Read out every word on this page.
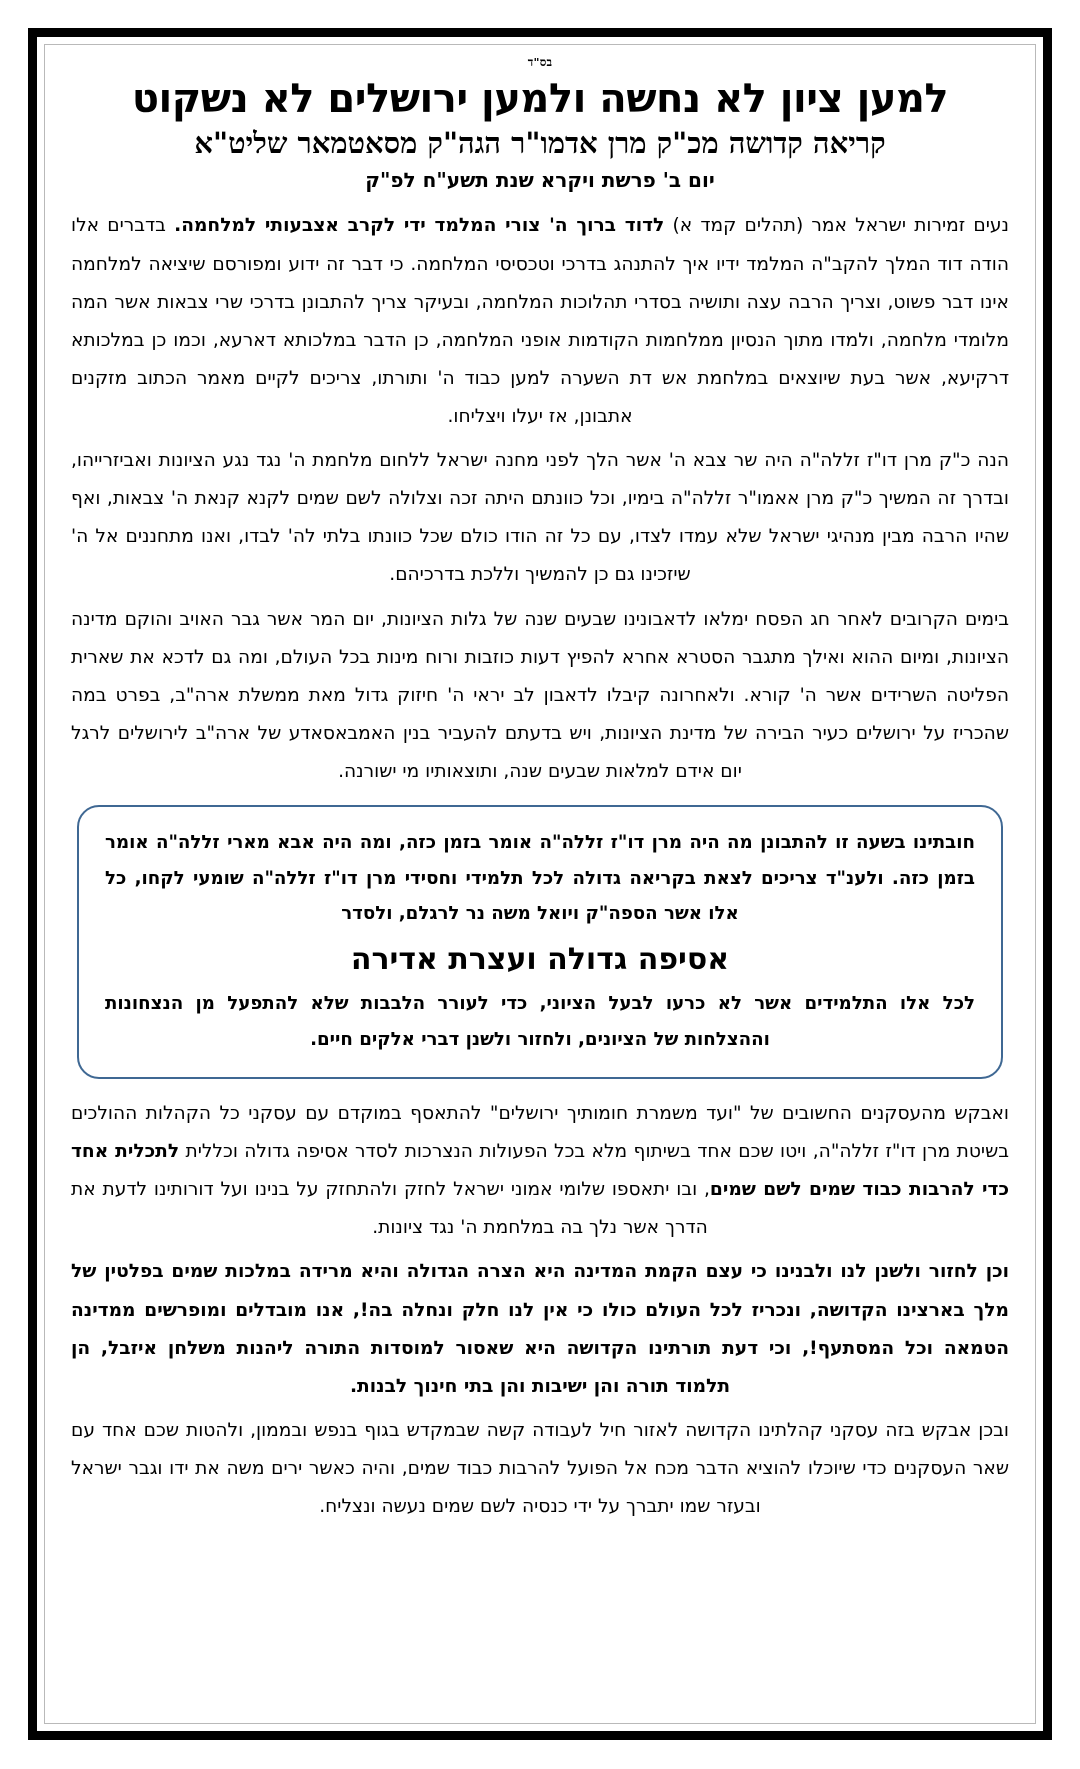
בס"ד
למען ציון לא נחשה ולמען ירושלים לא נשקוט
קריאה קדושה מכ"ק מרן אדמו"ר הגה"ק מסאטמאר שליט"א
יום ב' פרשת ויקרא שנת תשע"ח לפ"ק

נעים זמירות ישראל אמר (תהלים קמד א) לדוד ברוך ה' צורי המלמד ידי לקרב אצבעותי למלחמה. בדברים אלו הודה דוד המלך להקב"ה המלמד ידיו איך להתנהג בדרכי וטכסיסי המלחמה. כי דבר זה ידוע ומפורסם שיציאה למלחמה אינו דבר פשוט, וצריך הרבה עצה ותושיה בסדרי תהלוכות המלחמה, ובעיקר צריך להתבונן בדרכי שרי צבאות אשר המה מלומדי מלחמה, ולמדו מתוך הנסיון ממלחמות הקודמות אופני המלחמה, כן הדבר במלכותא דארעא, וכמו כן במלכותא דרקיעא, אשר בעת שיוצאים במלחמת אש דת השערה למען כבוד ה' ותורתו, צריכים לקיים מאמר הכתוב מזקנים אתבונן, אז יעלו ויצליחו.

הנה כ"ק מרן דו"ז זללה"ה היה שר צבא ה' אשר הלך לפני מחנה ישראל ללחום מלחמת ה' נגד נגע הציונות ואביזרייהו, ובדרך זה המשיך כ"ק מרן אאמו"ר זללה"ה בימיו, וכל כוונתם היתה זכה וצלולה לשם שמים לקנא קנאת ה' צבאות, ואף שהיו הרבה מבין מנהיגי ישראל שלא עמדו לצדו, עם כל זה הודו כולם שכל כוונתו בלתי לה' לבדו, ואנו מתחננים אל ה' שיזכינו גם כן להמשיך וללכת בדרכיהם.

בימים הקרובים לאחר חג הפסח ימלאו לדאבונינו שבעים שנה של גלות הציונות, יום המר אשר גבר האויב והוקם מדינה הציונות, ומיום ההוא ואילך מתגבר הסטרא אחרא להפיץ דעות כוזבות ורוח מינות בכל העולם, ומה גם לדכא את שארית הפליטה השרידים אשר ה' קורא. ולאחרונה קיבלו לדאבון לב יראי ה' חיזוק גדול מאת ממשלת ארה"ב, בפרט במה שהכריז על ירושלים כעיר הבירה של מדינת הציונות, ויש בדעתם להעביר בנין האמבאסאדע של ארה"ב לירושלים לרגל יום אידם למלאות שבעים שנה, ותוצאותיו מי ישורנה.

חובתינו בשעה זו להתבונן מה היה מרן דו"ז זללה"ה אומר בזמן כזה, ומה היה אבא מארי זללה"ה אומר בזמן כזה. ולענ"ד צריכים לצאת בקריאה גדולה לכל תלמידי וחסידי מרן דו"ז זללה"ה שומעי לקחו, כל אלו אשר הספה"ק ויואל משה נר לרגלם, ולסדר

אסיפה גדולה ועצרת אדירה

לכל אלו התלמידים אשר לא כרעו לבעל הציוני, כדי לעורר הלבבות שלא להתפעל מן הנצחונות וההצלחות של הציונים, ולחזור ולשנן דברי אלקים חיים.

ואבקש מהעסקנים החשובים של "ועד משמרת חומותיך ירושלים" להתאסף במוקדם עם עסקני כל הקהלות ההולכים בשיטת מרן דו"ז זללה"ה, ויטו שכם אחד בשיתוף מלא בכל הפעולות הנצרכות לסדר אסיפה גדולה וכללית לתכלית אחד כדי להרבות כבוד שמים לשם שמים, ובו יתאספו שלומי אמוני ישראל לחזק ולהתחזק על בנינו ועל דורותינו לדעת את הדרך אשר נלך בה במלחמת ה' נגד ציונות.

וכן לחזור ולשנן לנו ולבנינו כי עצם הקמת המדינה היא הצרה הגדולה והיא מרידה במלכות שמים בפלטין של מלך בארצינו הקדושה, ונכריז לכל העולם כולו כי אין לנו חלק ונחלה בה!, אנו מובדלים ומופרשים ממדינה הטמאה וכל המסתעף!, וכי דעת תורתינו הקדושה היא שאסור למוסדות התורה ליהנות משלחן איזבל, הן תלמוד תורה והן ישיבות והן בתי חינוך לבנות.

ובכן אבקש בזה עסקני קהלתינו הקדושה לאזור חיל לעבודה קשה שבמקדש בגוף בנפש ובממון, ולהטות שכם אחד עם שאר העסקנים כדי שיוכלו להוציא הדבר מכח אל הפועל להרבות כבוד שמים, והיה כאשר ירים משה את ידו וגבר ישראל ובעזר שמו יתברך על ידי כנסיה לשם שמים נעשה ונצליח.
